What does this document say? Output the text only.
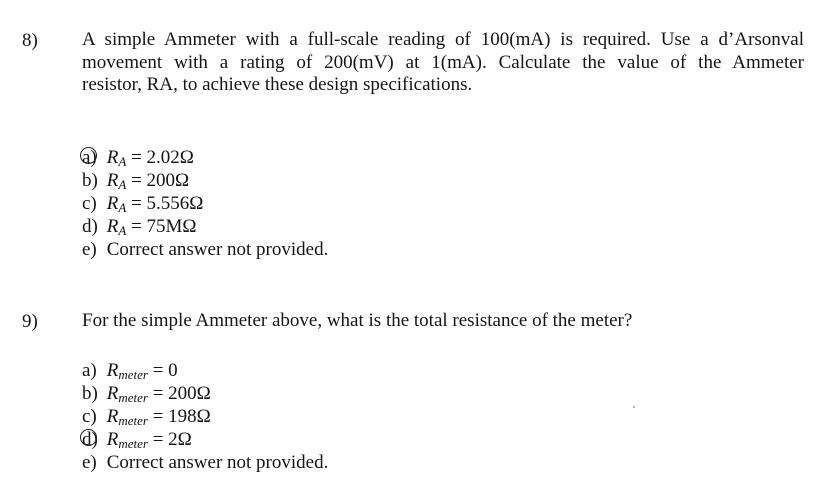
8) A simple Ammeter with a full-scale reading of 100(mA) is required. Use a d’Arsonval
movement with a rating of 200(mV) at 1(mA). Calculate the value of the Ammeter
resistor, RΑ, to achieve these design specifications.
a) $R_A = 2.02\Omega$
b) $R_A = 200\Omega$
c) $R_A = 5.556\Omega$
d) $R_A = 75M\Omega$
e) Correct answer not provided.
9) For the simple Ammeter above, what is the total resistance of the meter?
a) $R_{meter} = 0$
b) $R_{meter} = 200\Omega$
c) $R_{meter} = 198\Omega$
d) $R_{meter} = 2\Omega$
e) Correct answer not provided.
